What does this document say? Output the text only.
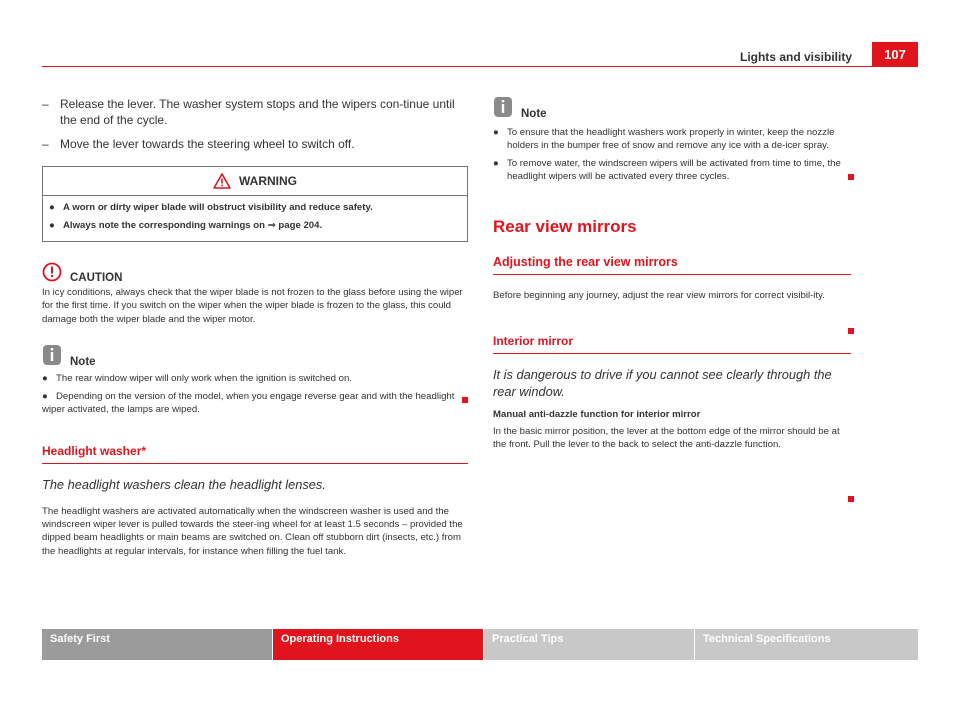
Lights and visibility	107
– Release the lever. The washer system stops and the wipers con-tinue until the end of the cycle.
– Move the lever towards the steering wheel to switch off.
WARNING
● A worn or dirty wiper blade will obstruct visibility and reduce safety.
● Always note the corresponding warnings on ⇒ page 204.
CAUTION
In icy conditions, always check that the wiper blade is not frozen to the glass before using the wiper for the first time. If you switch on the wiper when the wiper blade is frozen to the glass, this could damage both the wiper blade and the wiper motor.
Note
● The rear window wiper will only work when the ignition is switched on.
● Depending on the version of the model, when you engage reverse gear and with the headlight wiper activated, the lamps are wiped.
Headlight washer*
The headlight washers clean the headlight lenses.
The headlight washers are activated automatically when the windscreen washer is used and the windscreen wiper lever is pulled towards the steer-ing wheel for at least 1.5 seconds – provided the dipped beam headlights or main beams are switched on. Clean off stubborn dirt (insects, etc.) from the headlights at regular intervals, for instance when filling the fuel tank.
Note
● To ensure that the headlight washers work properly in winter, keep the nozzle holders in the bumper free of snow and remove any ice with a de-icer spray.
● To remove water, the windscreen wipers will be activated from time to time, the headlight wipers will be activated every three cycles.
Rear view mirrors
Adjusting the rear view mirrors
Before beginning any journey, adjust the rear view mirrors for correct visibil-ity.
Interior mirror
It is dangerous to drive if you cannot see clearly through the rear window.
Manual anti-dazzle function for interior mirror
In the basic mirror position, the lever at the bottom edge of the mirror should be at the front. Pull the lever to the back to select the anti-dazzle function.
Safety First	Operating Instructions	Practical Tips	Technical Specifications
